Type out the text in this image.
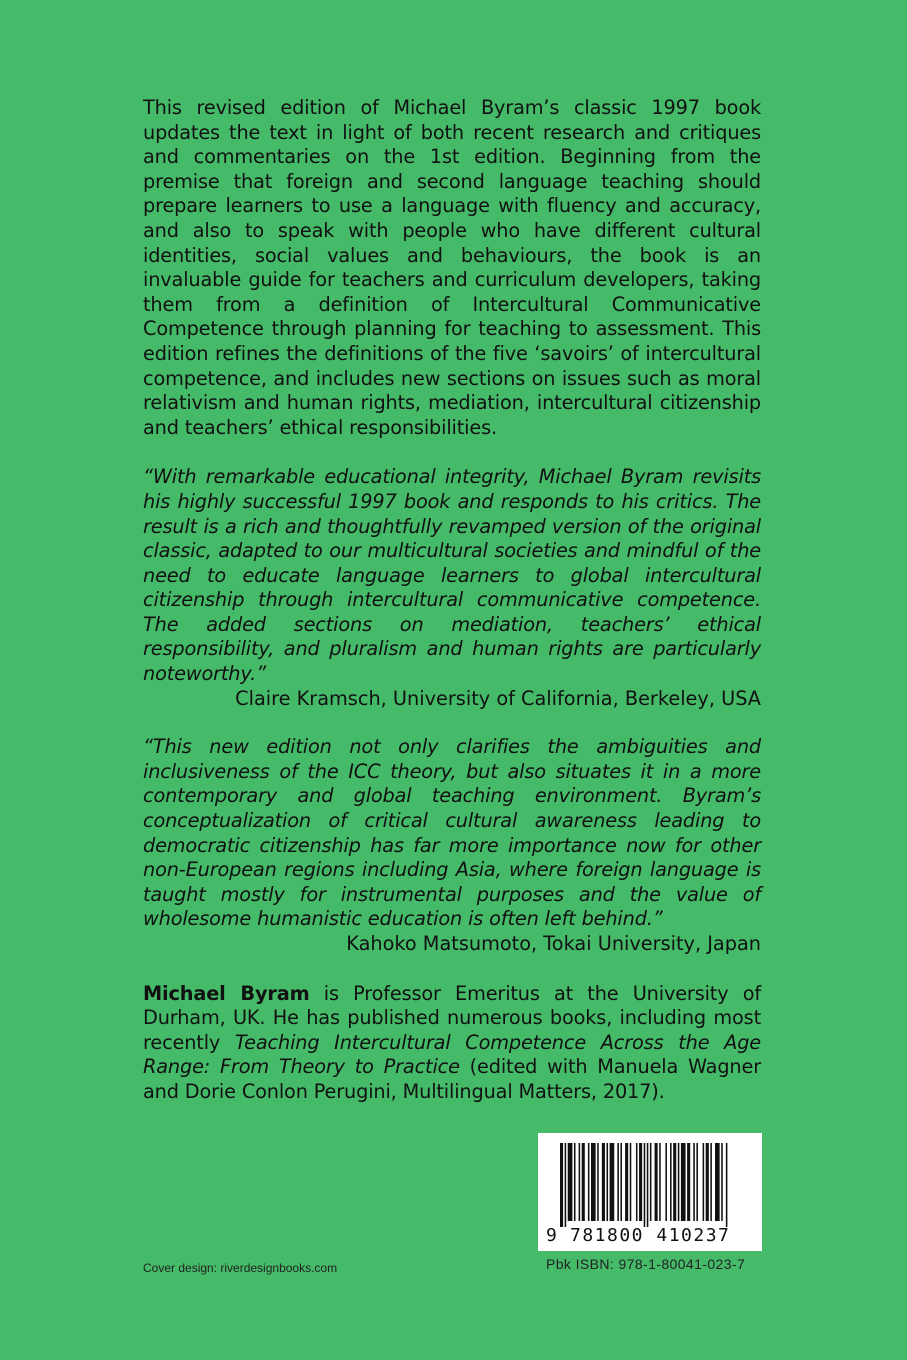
This revised edition of Michael Byram’s classic 1997 book updates the text in light of both recent research and critiques and commentaries on the 1st edition. Beginning from the premise that foreign and second language teaching should prepare learners to use a language with fluency and accuracy, and also to speak with people who have different cultural identities, social values and behaviours, the book is an invaluable guide for teachers and curriculum developers, taking them from a definition of Intercultural Communicative Competence through planning for teaching to assessment. This edition refines the definitions of the five ‘savoirs’ of intercultural competence, and includes new sections on issues such as moral relativism and human rights, mediation, intercultural citizenship and teachers’ ethical responsibilities.

“With remarkable educational integrity, Michael Byram revisits his highly successful 1997 book and responds to his critics. The result is a rich and thoughtfully revamped version of the original classic, adapted to our multicultural societies and mindful of the need to educate language learners to global intercultural citizenship through intercultural communicative competence. The added sections on mediation, teachers’ ethical responsibility, and pluralism and human rights are particularly noteworthy.”

Claire Kramsch, University of California, Berkeley, USA

“This new edition not only clarifies the ambiguities and inclusiveness of the ICC theory, but also situates it in a more contemporary and global teaching environment. Byram’s conceptualization of critical cultural awareness leading to democratic citizenship has far more importance now for other non-European regions including Asia, where foreign language is taught mostly for instrumental purposes and the value of wholesome humanistic education is often left behind.”

Kahoko Matsumoto, Tokai University, Japan

Michael Byram is Professor Emeritus at the University of Durham, UK. He has published numerous books, including most recently Teaching Intercultural Competence Across the Age Range: From Theory to Practice (edited with Manuela Wagner and Dorie Conlon Perugini, Multilingual Matters, 2017).

9 781800 410237
Pbk ISBN: 978-1-80041-023-7
Cover design: riverdesignbooks.com
